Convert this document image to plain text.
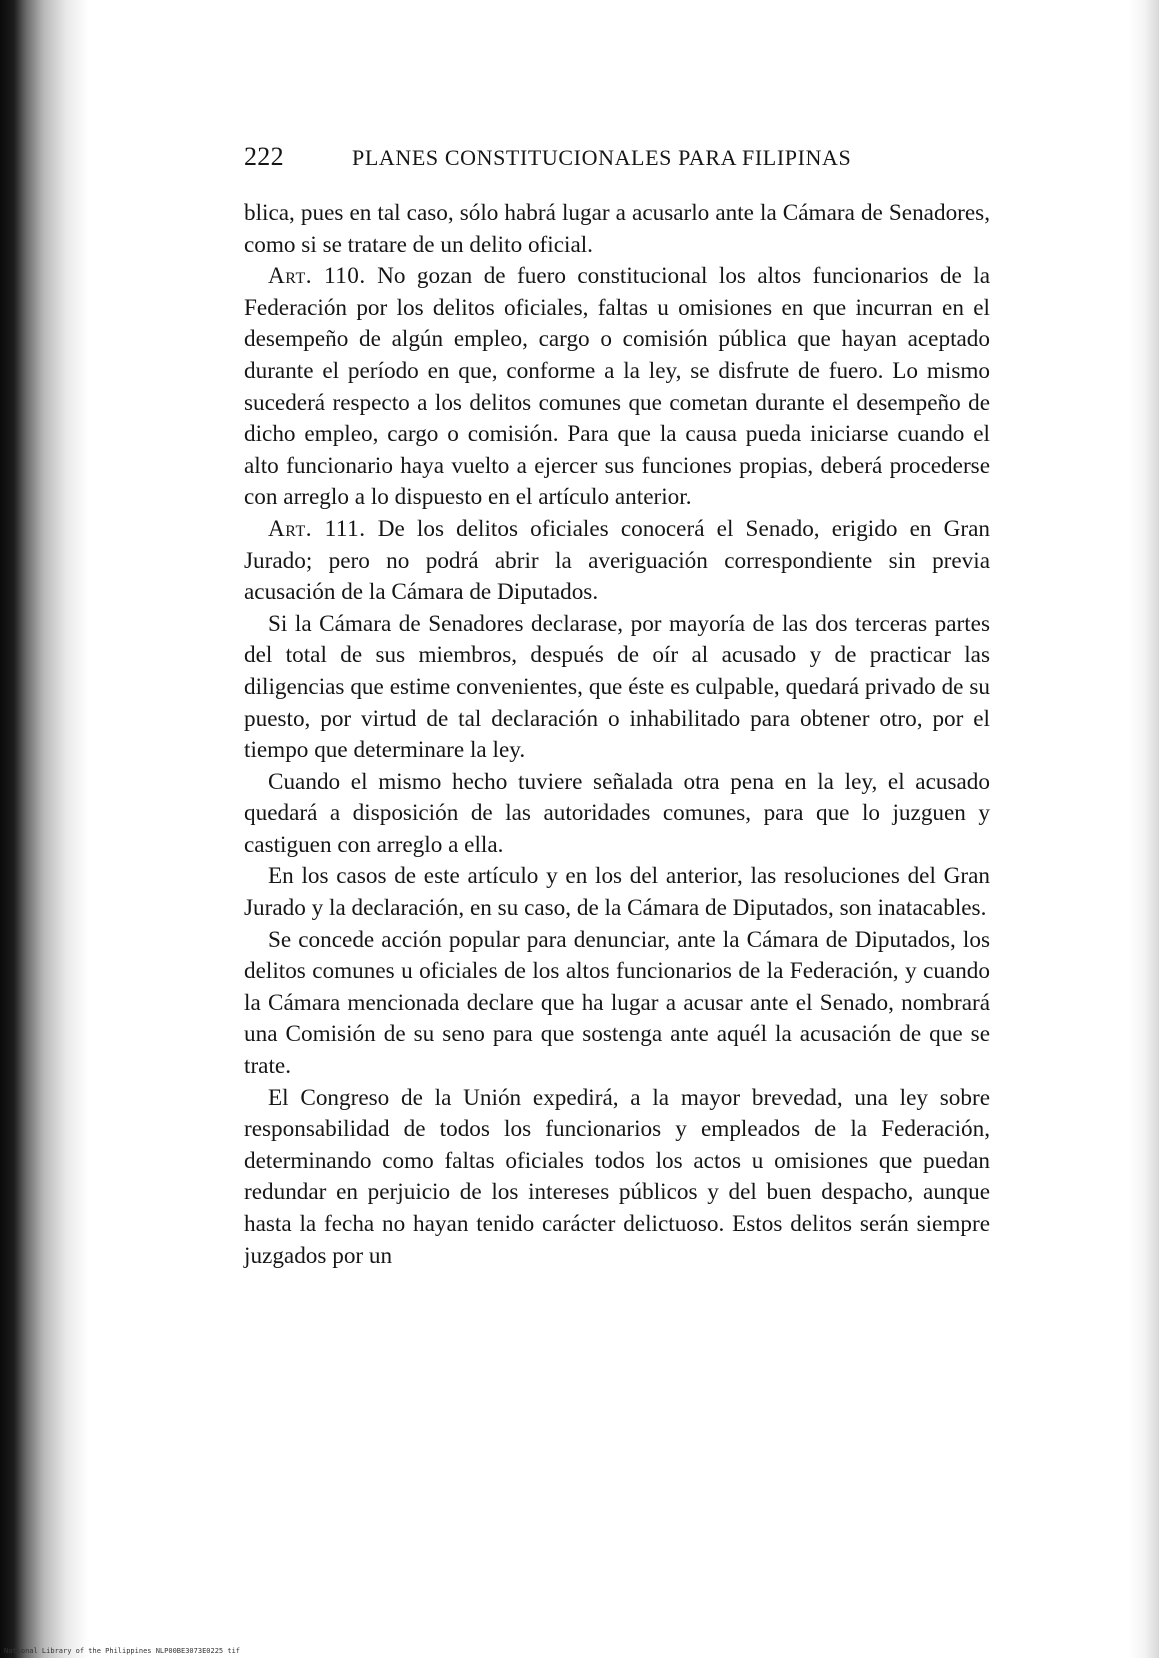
222	PLANES CONSTITUCIONALES PARA FILIPINAS

blica, pues en tal caso, sólo habrá lugar a acusarlo ante la Cámara de Senadores, como si se tratare de un delito oficial.

Art. 110. No gozan de fuero constitucional los altos funcionarios de la Federación por los delitos oficiales, faltas u omisiones en que incurran en el desempeño de algún empleo, cargo o comisión pública que hayan aceptado durante el período en que, conforme a la ley, se disfrute de fuero. Lo mismo sucederá respecto a los delitos comunes que cometan durante el desempeño de dicho empleo, cargo o comisión. Para que la causa pueda iniciarse cuando el alto funcionario haya vuelto a ejercer sus funciones propias, deberá procederse con arreglo a lo dispuesto en el artículo anterior.

Art. 111. De los delitos oficiales conocerá el Senado, erigido en Gran Jurado; pero no podrá abrir la averiguación correspondiente sin previa acusación de la Cámara de Diputados.

Si la Cámara de Senadores declarase, por mayoría de las dos terceras partes del total de sus miembros, después de oír al acusado y de practicar las diligencias que estime convenientes, que éste es culpable, quedará privado de su puesto, por virtud de tal declaración o inhabilitado para obtener otro, por el tiempo que determinare la ley.

Cuando el mismo hecho tuviere señalada otra pena en la ley, el acusado quedará a disposición de las autoridades comunes, para que lo juzguen y castiguen con arreglo a ella.

En los casos de este artículo y en los del anterior, las resoluciones del Gran Jurado y la declaración, en su caso, de la Cámara de Diputados, son inatacables.

Se concede acción popular para denunciar, ante la Cámara de Diputados, los delitos comunes u oficiales de los altos funcionarios de la Federación, y cuando la Cámara mencionada declare que ha lugar a acusar ante el Senado, nombrará una Comisión de su seno para que sostenga ante aquél la acusación de que se trate.

El Congreso de la Unión expedirá, a la mayor brevedad, una ley sobre responsabilidad de todos los funcionarios y empleados de la Federación, determinando como faltas oficiales todos los actos u omisiones que puedan redundar en perjuicio de los intereses públicos y del buen despacho, aunque hasta la fecha no hayan tenido carácter delictuoso. Estos delitos serán siempre juzgados por un

National Library of the Philippines NLP00BE3073E0225 tif
